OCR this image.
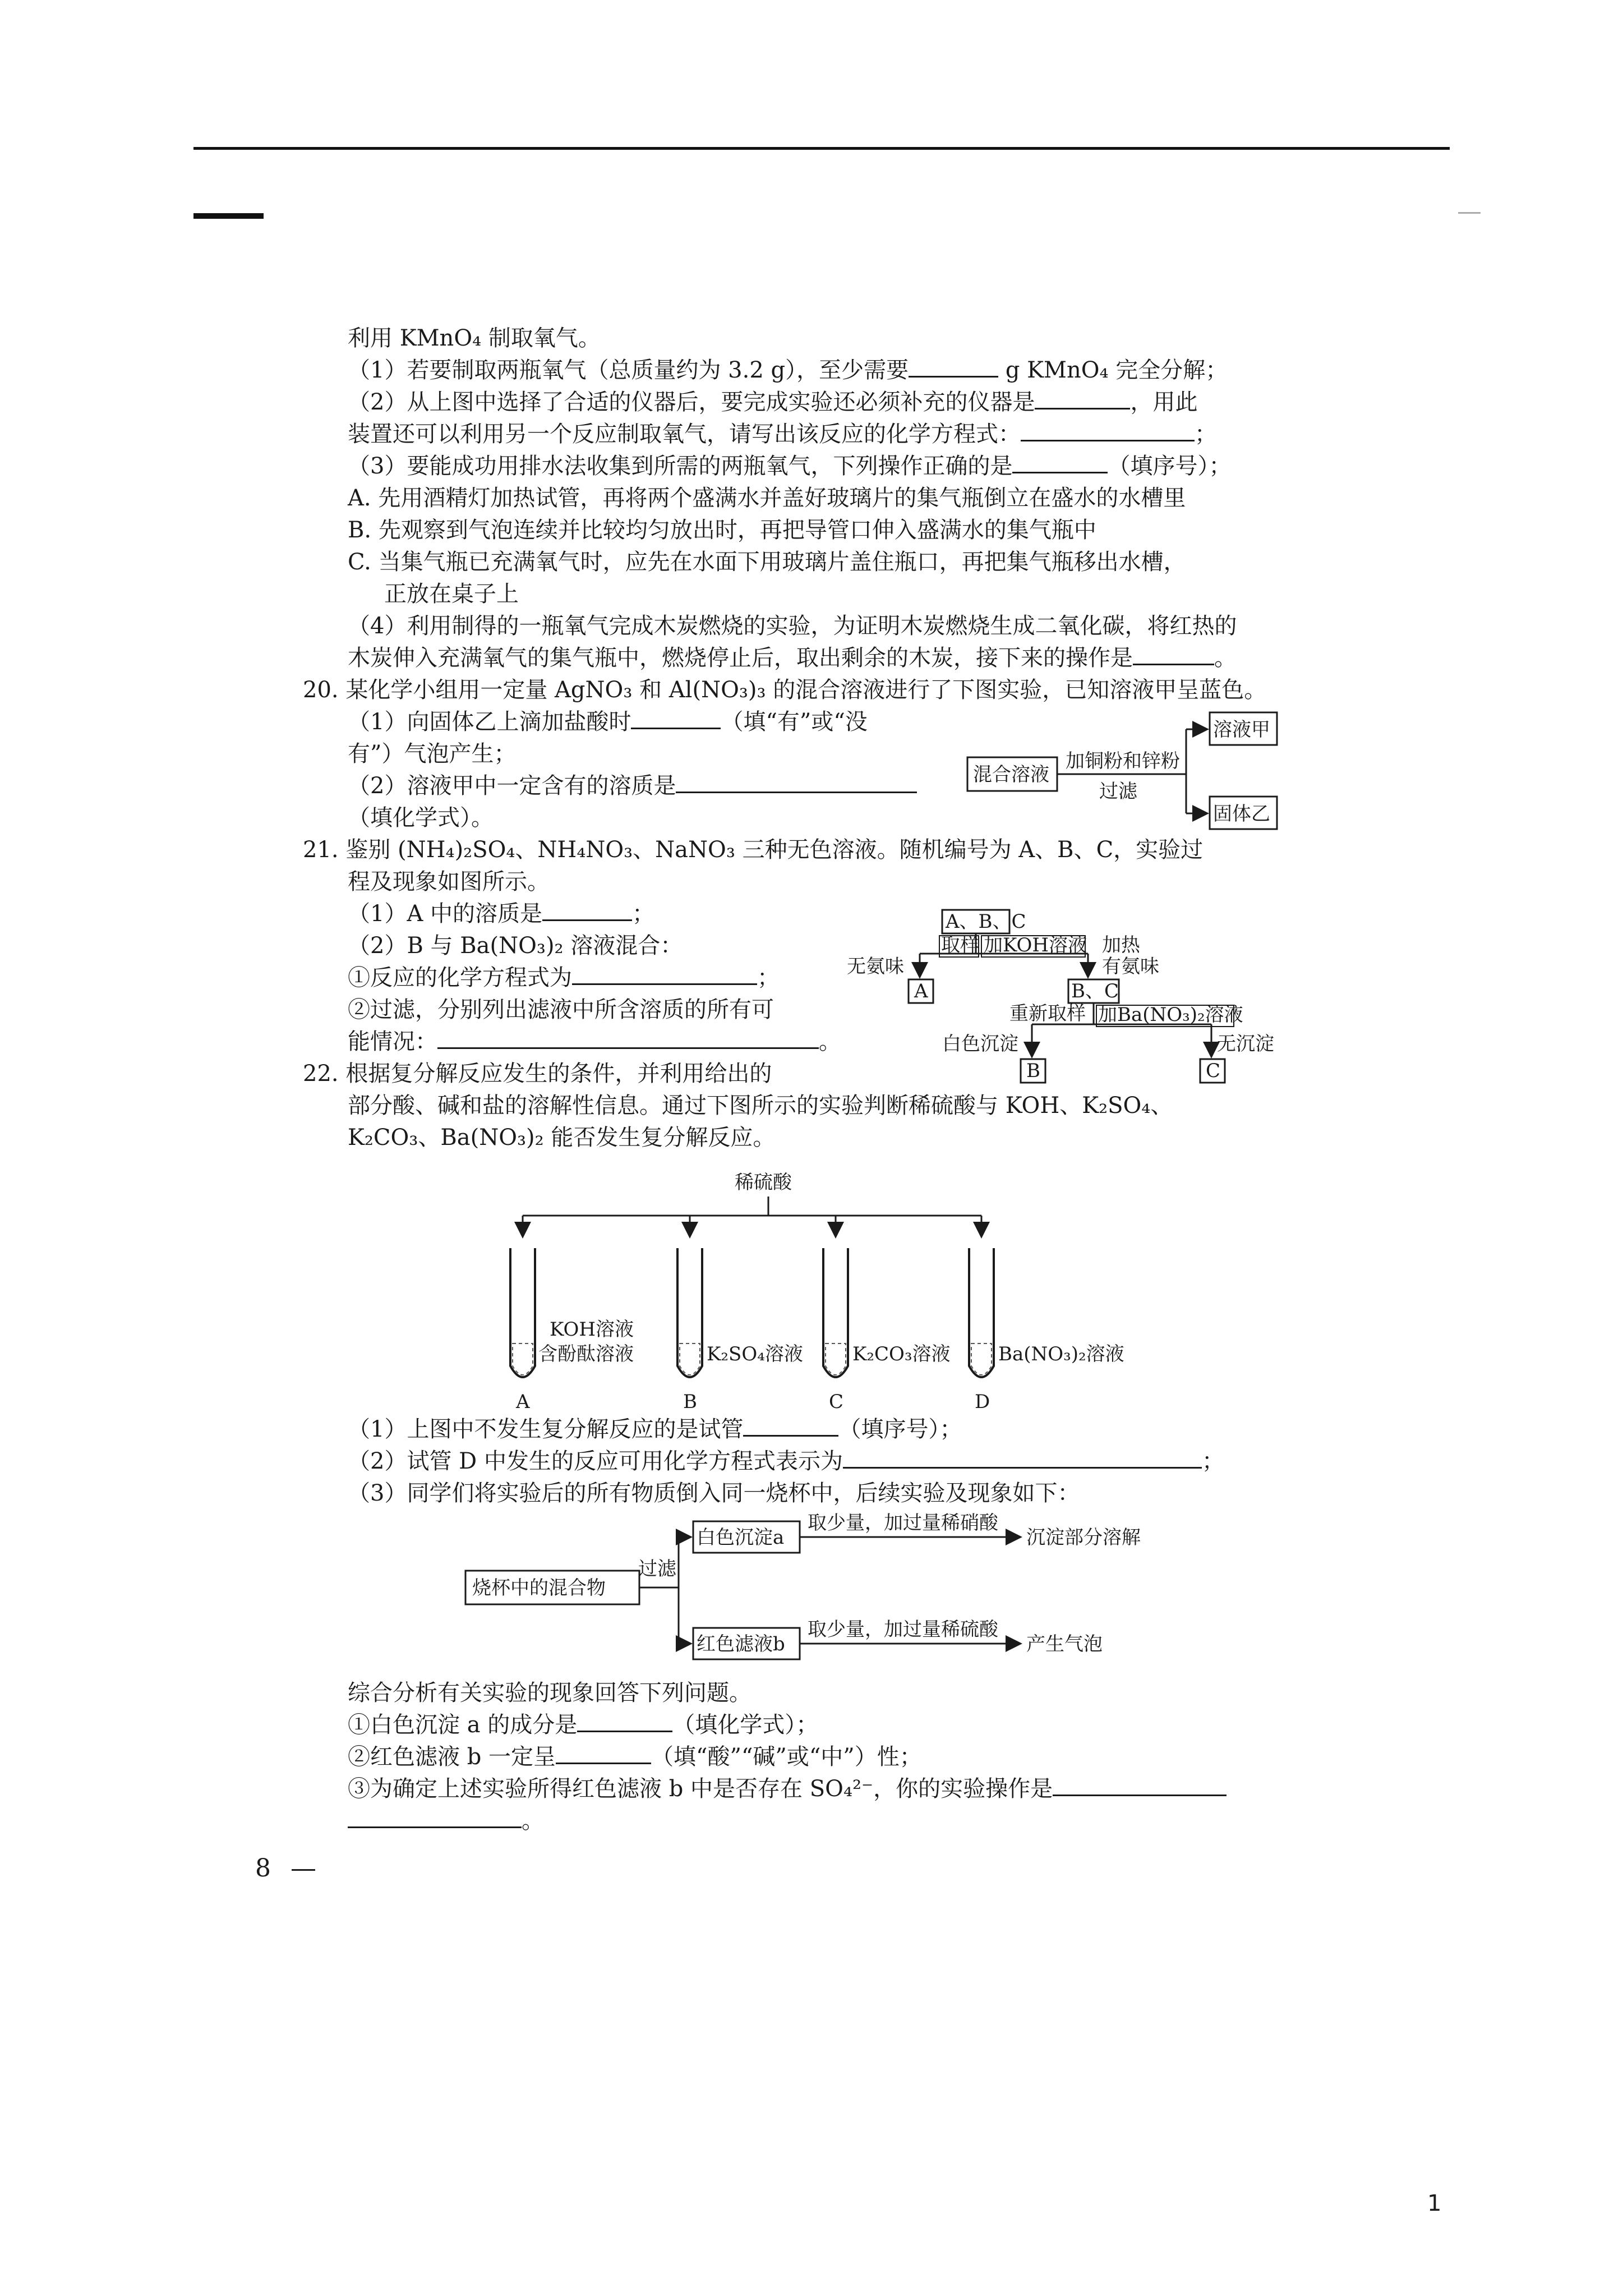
利用 KMnO₄ 制取氧气。
（1）若要制取两瓶氧气（总质量约为 3.2 g），至少需要	g KMnO₄ 完全分解；
（2）从上图中选择了合适的仪器后，要完成实验还必须补充的仪器是	，用此
装置还可以利用另一个反应制取氧气，请写出该反应的化学方程式：	；
（3）要能成功用排水法收集到所需的两瓶氧气，下列操作正确的是	（填序号）；
A. 先用酒精灯加热试管，再将两个盛满水并盖好玻璃片的集气瓶倒立在盛水的水槽里
B. 先观察到气泡连续并比较均匀放出时，再把导管口伸入盛满水的集气瓶中
C. 当集气瓶已充满氧气时，应先在水面下用玻璃片盖住瓶口，再把集气瓶移出水槽，
正放在桌子上
（4）利用制得的一瓶氧气完成木炭燃烧的实验，为证明木炭燃烧生成二氧化碳，将红热的
木炭伸入充满氧气的集气瓶中，燃烧停止后，取出剩余的木炭，接下来的操作是	。
20. 某化学小组用一定量 AgNO₃ 和 Al(NO₃)₃ 的混合溶液进行了下图实验，已知溶液甲呈蓝色。
（1）向固体乙上滴加盐酸时	（填“有”或“没
有”）气泡产生；
（2）溶液甲中一定含有的溶质是
（填化学式）。
21. 鉴别 (NH₄)₂SO₄、NH₄NO₃、NaNO₃ 三种无色溶液。随机编号为 A、B、C，实验过
程及现象如图所示。
（1）A 中的溶质是	；
（2）B 与 Ba(NO₃)₂ 溶液混合：
①反应的化学方程式为	；
②过滤，分别列出滤液中所含溶质的所有可
能情况：	。
22. 根据复分解反应发生的条件，并利用给出的
部分酸、碱和盐的溶解性信息。通过下图所示的实验判断稀硫酸与 KOH、K₂SO₄、
K₂CO₃、Ba(NO₃)₂ 能否发生复分解反应。
混合溶液
加铜粉和锌粉
过滤
溶液甲
固体乙
A、B、C
取样 加KOH溶液 加热
无氨味	有氨味
A	B、C
重新取样 加Ba(NO₃)₂溶液
白色沉淀	无沉淀
B	C
稀硫酸
KOH溶液
含酚酞溶液	K₂SO₄溶液	K₂CO₃溶液	Ba(NO₃)₂溶液
A	B	C	D
（1）上图中不发生复分解反应的是试管	（填序号）；
（2）试管 D 中发生的反应可用化学方程式表示为	；
（3）同学们将实验后的所有物质倒入同一烧杯中，后续实验及现象如下：
烧杯中的混合物
过滤
白色沉淀a
红色滤液b
取少量，加过量稀硝酸
取少量，加过量稀硫酸
沉淀部分溶解
产生气泡
综合分析有关实验的现象回答下列问题。
①白色沉淀 a 的成分是	（填化学式）；
②红色滤液 b 一定呈	（填“酸”“碱”或“中”）性；
③为确定上述实验所得红色滤液 b 中是否存在 SO₄²⁻，你的实验操作是
。
8
1
